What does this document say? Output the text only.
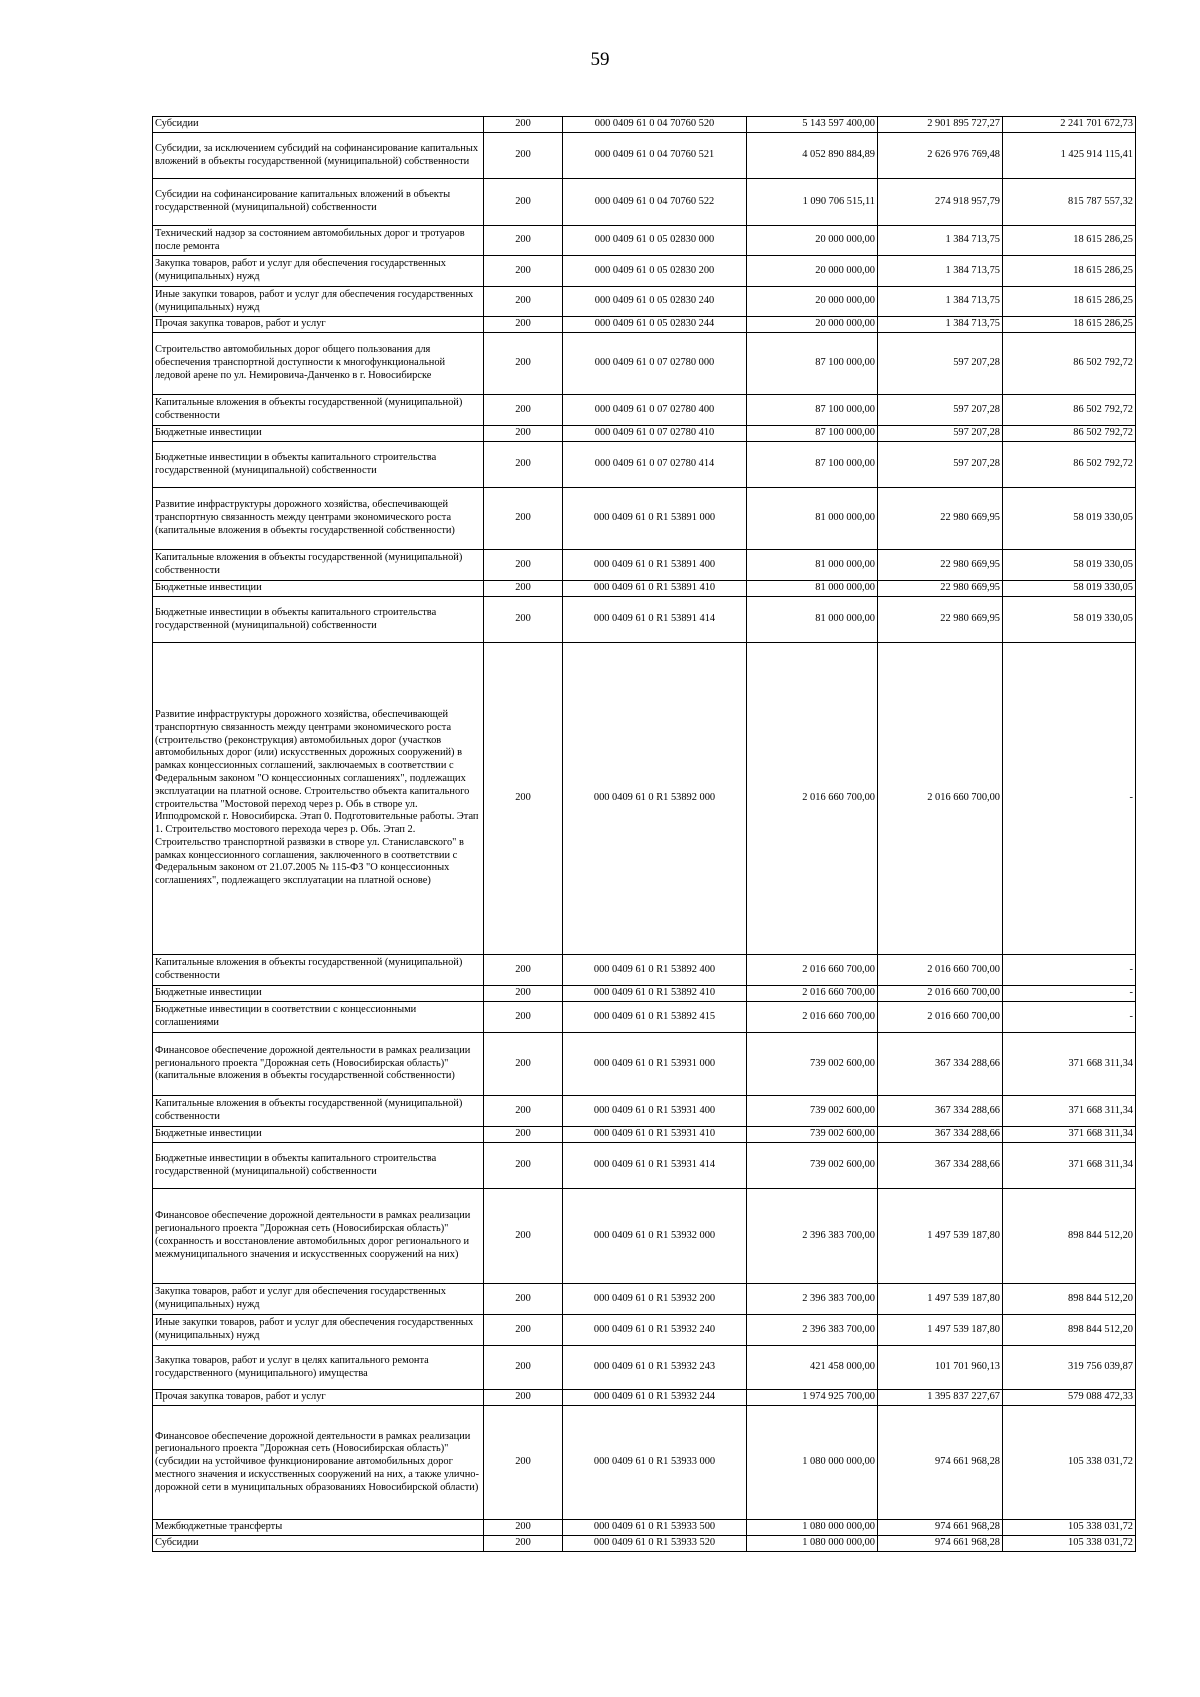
59
Субсидии	200	000 0409 61 0 04 70760 520	5 143 597 400,00	2 901 895 727,27	2 241 701 672,73
Субсидии, за исключением субсидий на софинансирование капитальных вложений в объекты государственной (муниципальной) собственности	200	000 0409 61 0 04 70760 521	4 052 890 884,89	2 626 976 769,48	1 425 914 115,41
Субсидии на софинансирование капитальных вложений в объекты государственной (муниципальной) собственности	200	000 0409 61 0 04 70760 522	1 090 706 515,11	274 918 957,79	815 787 557,32
Технический надзор за состоянием автомобильных дорог и тротуаров после ремонта	200	000 0409 61 0 05 02830 000	20 000 000,00	1 384 713,75	18 615 286,25
Закупка товаров, работ и услуг для обеспечения государственных (муниципальных) нужд	200	000 0409 61 0 05 02830 200	20 000 000,00	1 384 713,75	18 615 286,25
Иные закупки товаров, работ и услуг для обеспечения государственных (муниципальных) нужд	200	000 0409 61 0 05 02830 240	20 000 000,00	1 384 713,75	18 615 286,25
Прочая закупка товаров, работ и услуг	200	000 0409 61 0 05 02830 244	20 000 000,00	1 384 713,75	18 615 286,25
Строительство автомобильных дорог общего пользования для обеспечения транспортной доступности к многофункциональной ледовой арене по ул. Немировича-Данченко в г. Новосибирске	200	000 0409 61 0 07 02780 000	87 100 000,00	597 207,28	86 502 792,72
Капитальные вложения в объекты государственной (муниципальной) собственности	200	000 0409 61 0 07 02780 400	87 100 000,00	597 207,28	86 502 792,72
Бюджетные инвестиции	200	000 0409 61 0 07 02780 410	87 100 000,00	597 207,28	86 502 792,72
Бюджетные инвестиции в объекты капитального строительства государственной (муниципальной) собственности	200	000 0409 61 0 07 02780 414	87 100 000,00	597 207,28	86 502 792,72
Развитие инфраструктуры дорожного хозяйства, обеспечивающей транспортную связанность между центрами экономического роста (капитальные вложения в объекты государственной собственности)	200	000 0409 61 0 R1 53891 000	81 000 000,00	22 980 669,95	58 019 330,05
Капитальные вложения в объекты государственной (муниципальной) собственности	200	000 0409 61 0 R1 53891 400	81 000 000,00	22 980 669,95	58 019 330,05
Бюджетные инвестиции	200	000 0409 61 0 R1 53891 410	81 000 000,00	22 980 669,95	58 019 330,05
Бюджетные инвестиции в объекты капитального строительства государственной (муниципальной) собственности	200	000 0409 61 0 R1 53891 414	81 000 000,00	22 980 669,95	58 019 330,05
Развитие инфраструктуры дорожного хозяйства, обеспечивающей транспортную связанность между центрами экономического роста (строительство (реконструкция) автомобильных дорог (участков автомобильных дорог (или) искусственных дорожных сооружений) в рамках концессионных соглашений, заключаемых в соответствии с Федеральным законом "О концессионных соглашениях", подлежащих эксплуатации на платной основе. Строительство объекта капитального строительства "Мостовой переход через р. Обь в створе ул. Ипподромской г. Новосибирска. Этап 0. Подготовительные работы. Этап 1. Строительство мостового перехода через р. Обь. Этап 2. Строительство транспортной развязки в створе ул. Станиславского" в рамках концессионного соглашения, заключенного в соответствии с Федеральным законом от 21.07.2005 № 115-ФЗ "О концессионных соглашениях", подлежащего эксплуатации на платной основе)	200	000 0409 61 0 R1 53892 000	2 016 660 700,00	2 016 660 700,00	-
Капитальные вложения в объекты государственной (муниципальной) собственности	200	000 0409 61 0 R1 53892 400	2 016 660 700,00	2 016 660 700,00	-
Бюджетные инвестиции	200	000 0409 61 0 R1 53892 410	2 016 660 700,00	2 016 660 700,00	-
Бюджетные инвестиции в соответствии с концессионными соглашениями	200	000 0409 61 0 R1 53892 415	2 016 660 700,00	2 016 660 700,00	-
Финансовое обеспечение дорожной деятельности в рамках реализации регионального проекта "Дорожная сеть (Новосибирская область)" (капитальные вложения в объекты государственной собственности)	200	000 0409 61 0 R1 53931 000	739 002 600,00	367 334 288,66	371 668 311,34
Капитальные вложения в объекты государственной (муниципальной) собственности	200	000 0409 61 0 R1 53931 400	739 002 600,00	367 334 288,66	371 668 311,34
Бюджетные инвестиции	200	000 0409 61 0 R1 53931 410	739 002 600,00	367 334 288,66	371 668 311,34
Бюджетные инвестиции в объекты капитального строительства государственной (муниципальной) собственности	200	000 0409 61 0 R1 53931 414	739 002 600,00	367 334 288,66	371 668 311,34
Финансовое обеспечение дорожной деятельности в рамках реализации регионального проекта "Дорожная сеть (Новосибирская область)" (сохранность и восстановление автомобильных дорог регионального и межмуниципального значения и искусственных сооружений на них)	200	000 0409 61 0 R1 53932 000	2 396 383 700,00	1 497 539 187,80	898 844 512,20
Закупка товаров, работ и услуг для обеспечения государственных (муниципальных) нужд	200	000 0409 61 0 R1 53932 200	2 396 383 700,00	1 497 539 187,80	898 844 512,20
Иные закупки товаров, работ и услуг для обеспечения государственных (муниципальных) нужд	200	000 0409 61 0 R1 53932 240	2 396 383 700,00	1 497 539 187,80	898 844 512,20
Закупка товаров, работ и услуг в целях капитального ремонта государственного (муниципального) имущества	200	000 0409 61 0 R1 53932 243	421 458 000,00	101 701 960,13	319 756 039,87
Прочая закупка товаров, работ и услуг	200	000 0409 61 0 R1 53932 244	1 974 925 700,00	1 395 837 227,67	579 088 472,33
Финансовое обеспечение дорожной деятельности в рамках реализации регионального проекта "Дорожная сеть (Новосибирская область)" (субсидии на устойчивое функционирование автомобильных дорог местного значения и искусственных сооружений на них, а также улично-дорожной сети в муниципальных образованиях Новосибирской области)	200	000 0409 61 0 R1 53933 000	1 080 000 000,00	974 661 968,28	105 338 031,72
Межбюджетные трансферты	200	000 0409 61 0 R1 53933 500	1 080 000 000,00	974 661 968,28	105 338 031,72
Субсидии	200	000 0409 61 0 R1 53933 520	1 080 000 000,00	974 661 968,28	105 338 031,72
